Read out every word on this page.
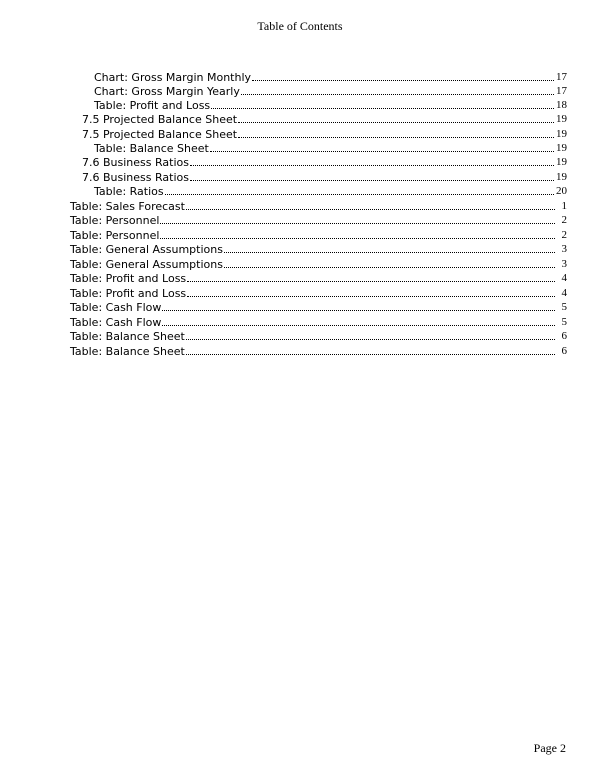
Table of Contents
Chart: Gross Margin Monthly	17
Chart: Gross Margin Yearly	17
Table: Profit and Loss	18
7.5 Projected Balance Sheet	19
7.5 Projected Balance Sheet	19
Table: Balance Sheet	19
7.6 Business Ratios	19
7.6 Business Ratios	19
Table: Ratios	20
Table: Sales Forecast	1
Table: Personnel	2
Table: Personnel	2
Table: General Assumptions	3
Table: General Assumptions	3
Table: Profit and Loss	4
Table: Profit and Loss	4
Table: Cash Flow	5
Table: Cash Flow	5
Table: Balance Sheet	6
Table: Balance Sheet	6
Page 2
